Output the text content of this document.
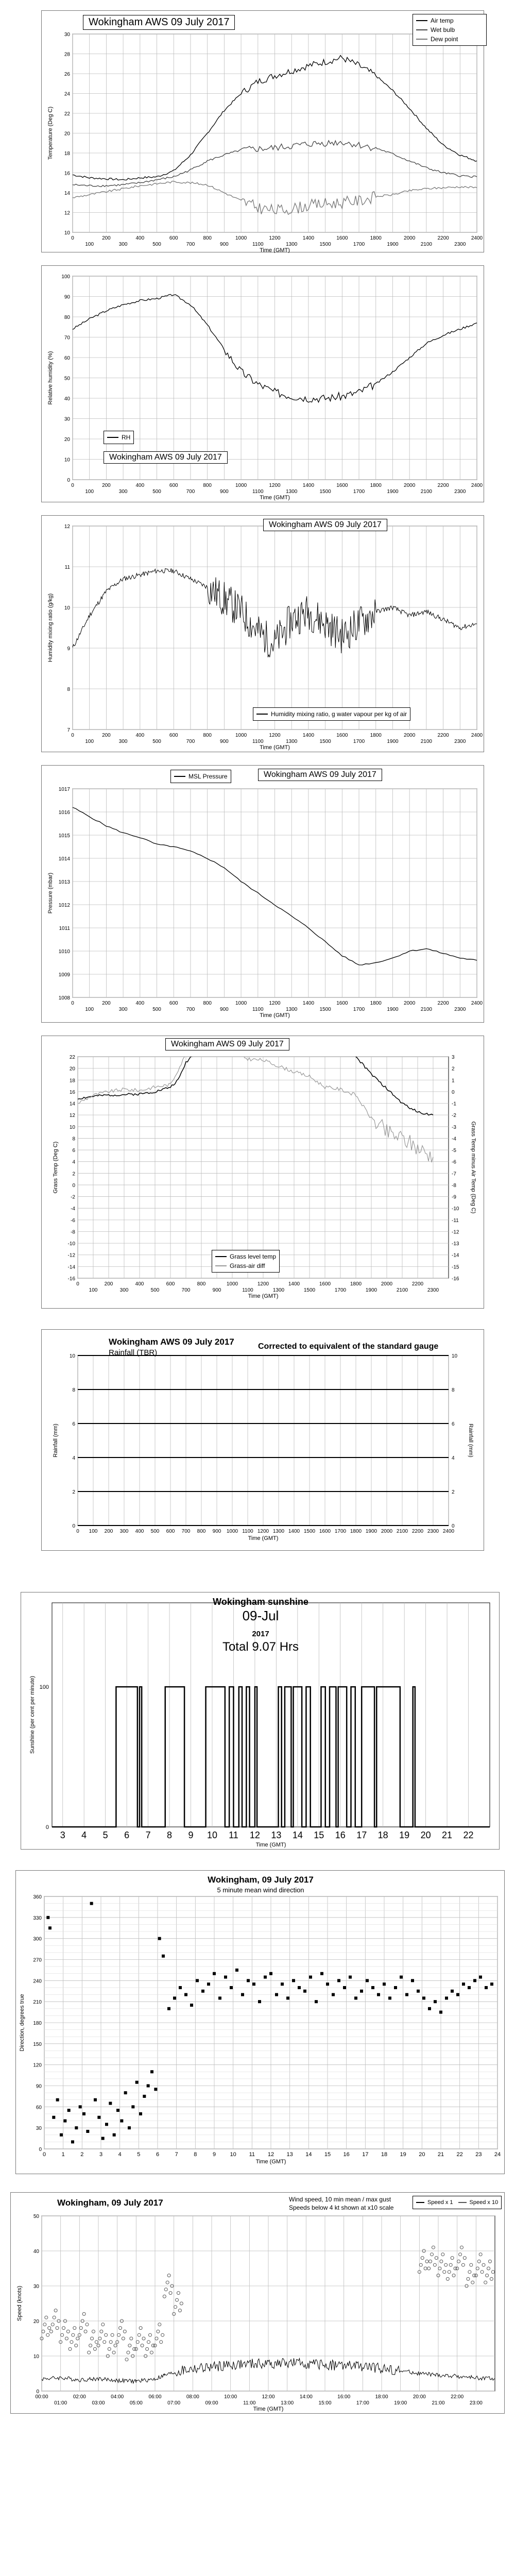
0
100
200
300
400
500
600
700
800
900
1000
1100
1200
1300
1400
1500
1600
1700
1800
1900
2000
2100
2200
2300
2400
10
12
14
16
18
20
22
24
26
28
30
Time (GMT)
Temperature (Deg C)
Wokingham AWS 09 July 2017	Air temp
Wet bulb
Dew point
0
100
200
300
400
500
600
700
800
900
1000
1100
1200
1300
1400
1500
1600
1700
1800
1900
2000
2100
2200
2300
2400
0
10
20
30
40
50
60
70
80
90
100
Time (GMT)
Relative humidity (%)
RH
Wokingham AWS 09 July 2017
0
100
200
300
400
500
600
700
800
900
1000
1100
1200
1300
1400
1500
1600
1700
1800
1900
2000
2100
2200
2300
2400
7
8
9
10
11
12
Time (GMT)
Humidity mixing ratio (g/kg)
Wokingham AWS 09 July 2017
Humidity mixing ratio, g water vapour per kg of air
0
100
200
300
400
500
600
700
800
900
1000
1100
1200
1300
1400
1500
1600
1700
1800
1900
2000
2100
2200
2300
2400
1008
1009
1010
1011
1012
1013
1014
1015
1016
1017
Time (GMT)
Pressure (mbar)
MSL Pressure	Wokingham AWS 09 July 2017
0
100
200
300
400
500
600
700
800
900
1000
1100
1200
1300
1400
1500
1600
1700
1800
1900
2000
2100
2200
2300
-16
-14
-12
-10
-8
-6
-4
-2
0
2
4
6
8
10
12
14
16
18
20
22
Time (GMT)
Grass Temp (Deg C)
-16
-15
-14
-13
-12
-11
-10
-9
-8
-7
-6
-5
-4
-3
-2
-1
0
1
2
3
Grass Temp minus Air Temp (Deg C)
Wokingham AWS 09 July 2017
Grass level temp
Grass-air diff
0 100 200 300 400 500 600 700 800 900 1000 1100 1200 1300 1400 1500 1600 1700 1800 1900 2000 2100 2200 2300 2400
0
2
4
6
8
10
Time (GMT)
Rainfall (mm)
0
2
4
6
8
10
Rainfall (mm)
Wokingham AWS 09 July 2017
Rainfall (TBR)
Corrected to equivalent of the standard gauge
3 4 5 6 7 8 9 10 11 12 13 14 15 16 17 18 19 20 21 22
0
100
Time (GMT)
Sunshine (per cent per minute)
Wokingham sunshine
09-Jul
2017
Total 9.07 Hrs
0	1	2	3	4	5	6	7	8	9 10 11 12 13 14 15 16 17 18 19 20 21 22 23 24
0
30
60
90
120
150
180
210
240
270
300
330
360
Time (GMT)
Direction, degrees true
Wokingham, 09 July 2017
5 minute mean wind direction
00:00
01:00
02:00
03:00
04:00
05:00
06:00
07:00
08:00
09:00
10:00
11:00
12:00
13:00
14:00
15:00
16:00
17:00
18:00
19:00
20:00
21:00
22:00
23:00
0
10
20
30
40
50
Time (GMT)
Speed (knots)
Wokingham, 09 July 2017	Wind speed, 10 min mean / max gust
Speeds below 4 kt shown at x10 scale
Speed x 1	Speed x 10
